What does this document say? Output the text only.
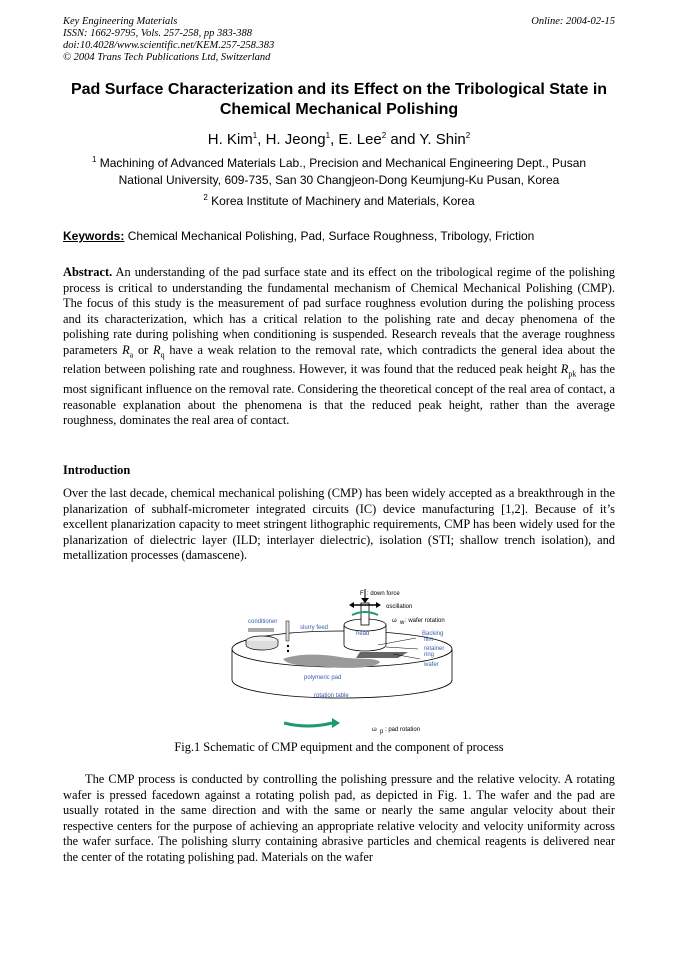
Key Engineering Materials
ISSN: 1662-9795, Vols. 257-258, pp 383-388
doi:10.4028/www.scientific.net/KEM.257-258.383
© 2004 Trans Tech Publications Ltd, Switzerland
Online: 2004-02-15
Pad Surface Characterization and its Effect on the Tribological State in Chemical Mechanical Polishing
H. Kim$^1$, H. Jeong$^1$, E. Lee$^2$ and Y. Shin$^2$
$^1$ Machining of Advanced Materials Lab., Precision and Mechanical Engineering Dept., Pusan National University, 609-735, San 30 Changjeon-Dong Keumjung-Ku Pusan, Korea
$^2$ Korea Institute of Machinery and Materials, Korea
Keywords: Chemical Mechanical Polishing, Pad, Surface Roughness, Tribology, Friction
Abstract. An understanding of the pad surface state and its effect on the tribological regime of the polishing process is critical to understanding the fundamental mechanism of Chemical Mechanical Polishing (CMP). The focus of this study is the measurement of pad surface roughness evolution during the polishing process and its characterization, which has a critical relation to the polishing rate and decay phenomena of the polishing rate during polishing when conditioning is suspended. Research reveals that the average roughness parameters $R_a$ or $R_q$ have a weak relation to the removal rate, which contradicts the general idea about the relation between polishing rate and roughness. However, it was found that the reduced peak height $R_{pk}$ has the most significant influence on the removal rate. Considering the theoretical concept of the real area of contact, a reasonable explanation about the phenomena is that the reduced peak height, rather than the average roughness, dominates the real area of contact.
Introduction
Over the last decade, chemical mechanical polishing (CMP) has been widely accepted as a breakthrough in the planarization of subhalf-micrometer integrated circuits (IC) device manufacturing [1,2]. Because of it’s excellent planarization capacity to meet stringent lithographic requirements, CMP has been widely used for the planarization of dielectric layer (ILD; interlayer dielectric), isolation (STI; shallow trench isolation), and metallization processes (damascene).
F : down force
oscillation
ω w : wafer rotation
conditioner
slurry feed
head	Backing
film
retainer
ring
wafer
polymeric pad
rotation table
ω p : pad rotation
Fig.1 Schematic of CMP equipment and the component of process
The CMP process is conducted by controlling the polishing pressure and the relative velocity. A rotating wafer is pressed facedown against a rotating polish pad, as depicted in Fig. 1. The wafer and the pad are usually rotated in the same direction and with the same or nearly the same angular velocity about their respective centers for the purpose of achieving an appropriate relative velocity and velocity uniformity across the wafer surface. The polishing slurry containing abrasive particles and chemical reagents is delivered near the center of the rotating polishing pad. Materials on the wafer
